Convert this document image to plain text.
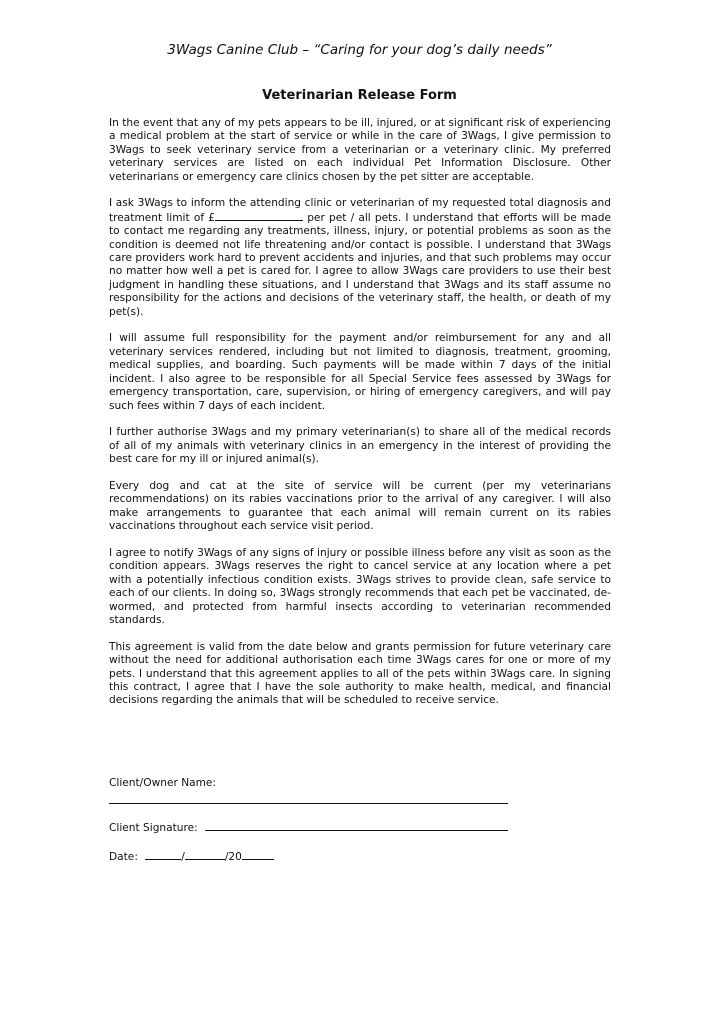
3Wags Canine Club – “Caring for your dog’s daily needs”
Veterinarian Release Form

In the event that any of my pets appears to be ill, injured, or at significant risk of experiencing a medical problem at the start of service or while in the care of 3Wags, I give permission to 3Wags to seek veterinary service from a veterinarian or a veterinary clinic. My preferred veterinary services are listed on each individual Pet Information Disclosure. Other veterinarians or emergency care clinics chosen by the pet sitter are acceptable.

I ask 3Wags to inform the attending clinic or veterinarian of my requested total diagnosis and treatment limit of £	per pet / all pets. I understand that efforts will be made to contact me regarding any treatments, illness, injury, or potential problems as soon as the condition is deemed not life threatening and/or contact is possible. I understand that 3Wags care providers work hard to prevent accidents and injuries, and that such problems may occur no matter how well a pet is cared for. I agree to allow 3Wags care providers to use their best judgment in handling these situations, and I understand that 3Wags and its staff assume no responsibility for the actions and decisions of the veterinary staff, the health, or death of my pet(s).

I will assume full responsibility for the payment and/or reimbursement for any and all veterinary services rendered, including but not limited to diagnosis, treatment, grooming, medical supplies, and boarding. Such payments will be made within 7 days of the initial incident. I also agree to be responsible for all Special Service fees assessed by 3Wags for emergency transportation, care, supervision, or hiring of emergency caregivers, and will pay such fees within 7 days of each incident.

I further authorise 3Wags and my primary veterinarian(s) to share all of the medical records of all of my animals with veterinary clinics in an emergency in the interest of providing the best care for my ill or injured animal(s).

Every dog and cat at the site of service will be current (per my veterinarians recommendations) on its rabies vaccinations prior to the arrival of any caregiver. I will also make arrangements to guarantee that each animal will remain current on its rabies vaccinations throughout each service visit period.

I agree to notify 3Wags of any signs of injury or possible illness before any visit as soon as the condition appears. 3Wags reserves the right to cancel service at any location where a pet with a potentially infectious condition exists. 3Wags strives to provide clean, safe service to each of our clients. In doing so, 3Wags strongly recommends that each pet be vaccinated, de-wormed, and protected from harmful insects according to veterinarian recommended standards.

This agreement is valid from the date below and grants permission for future veterinary care without the need for additional authorisation each time 3Wags cares for one or more of my pets. I understand that this agreement applies to all of the pets within 3Wags care. In signing this contract, I agree that I have the sole authority to make health, medical, and financial decisions regarding the animals that will be scheduled to receive service.

Client/Owner Name:
Client Signature:
Date:	/	/20
